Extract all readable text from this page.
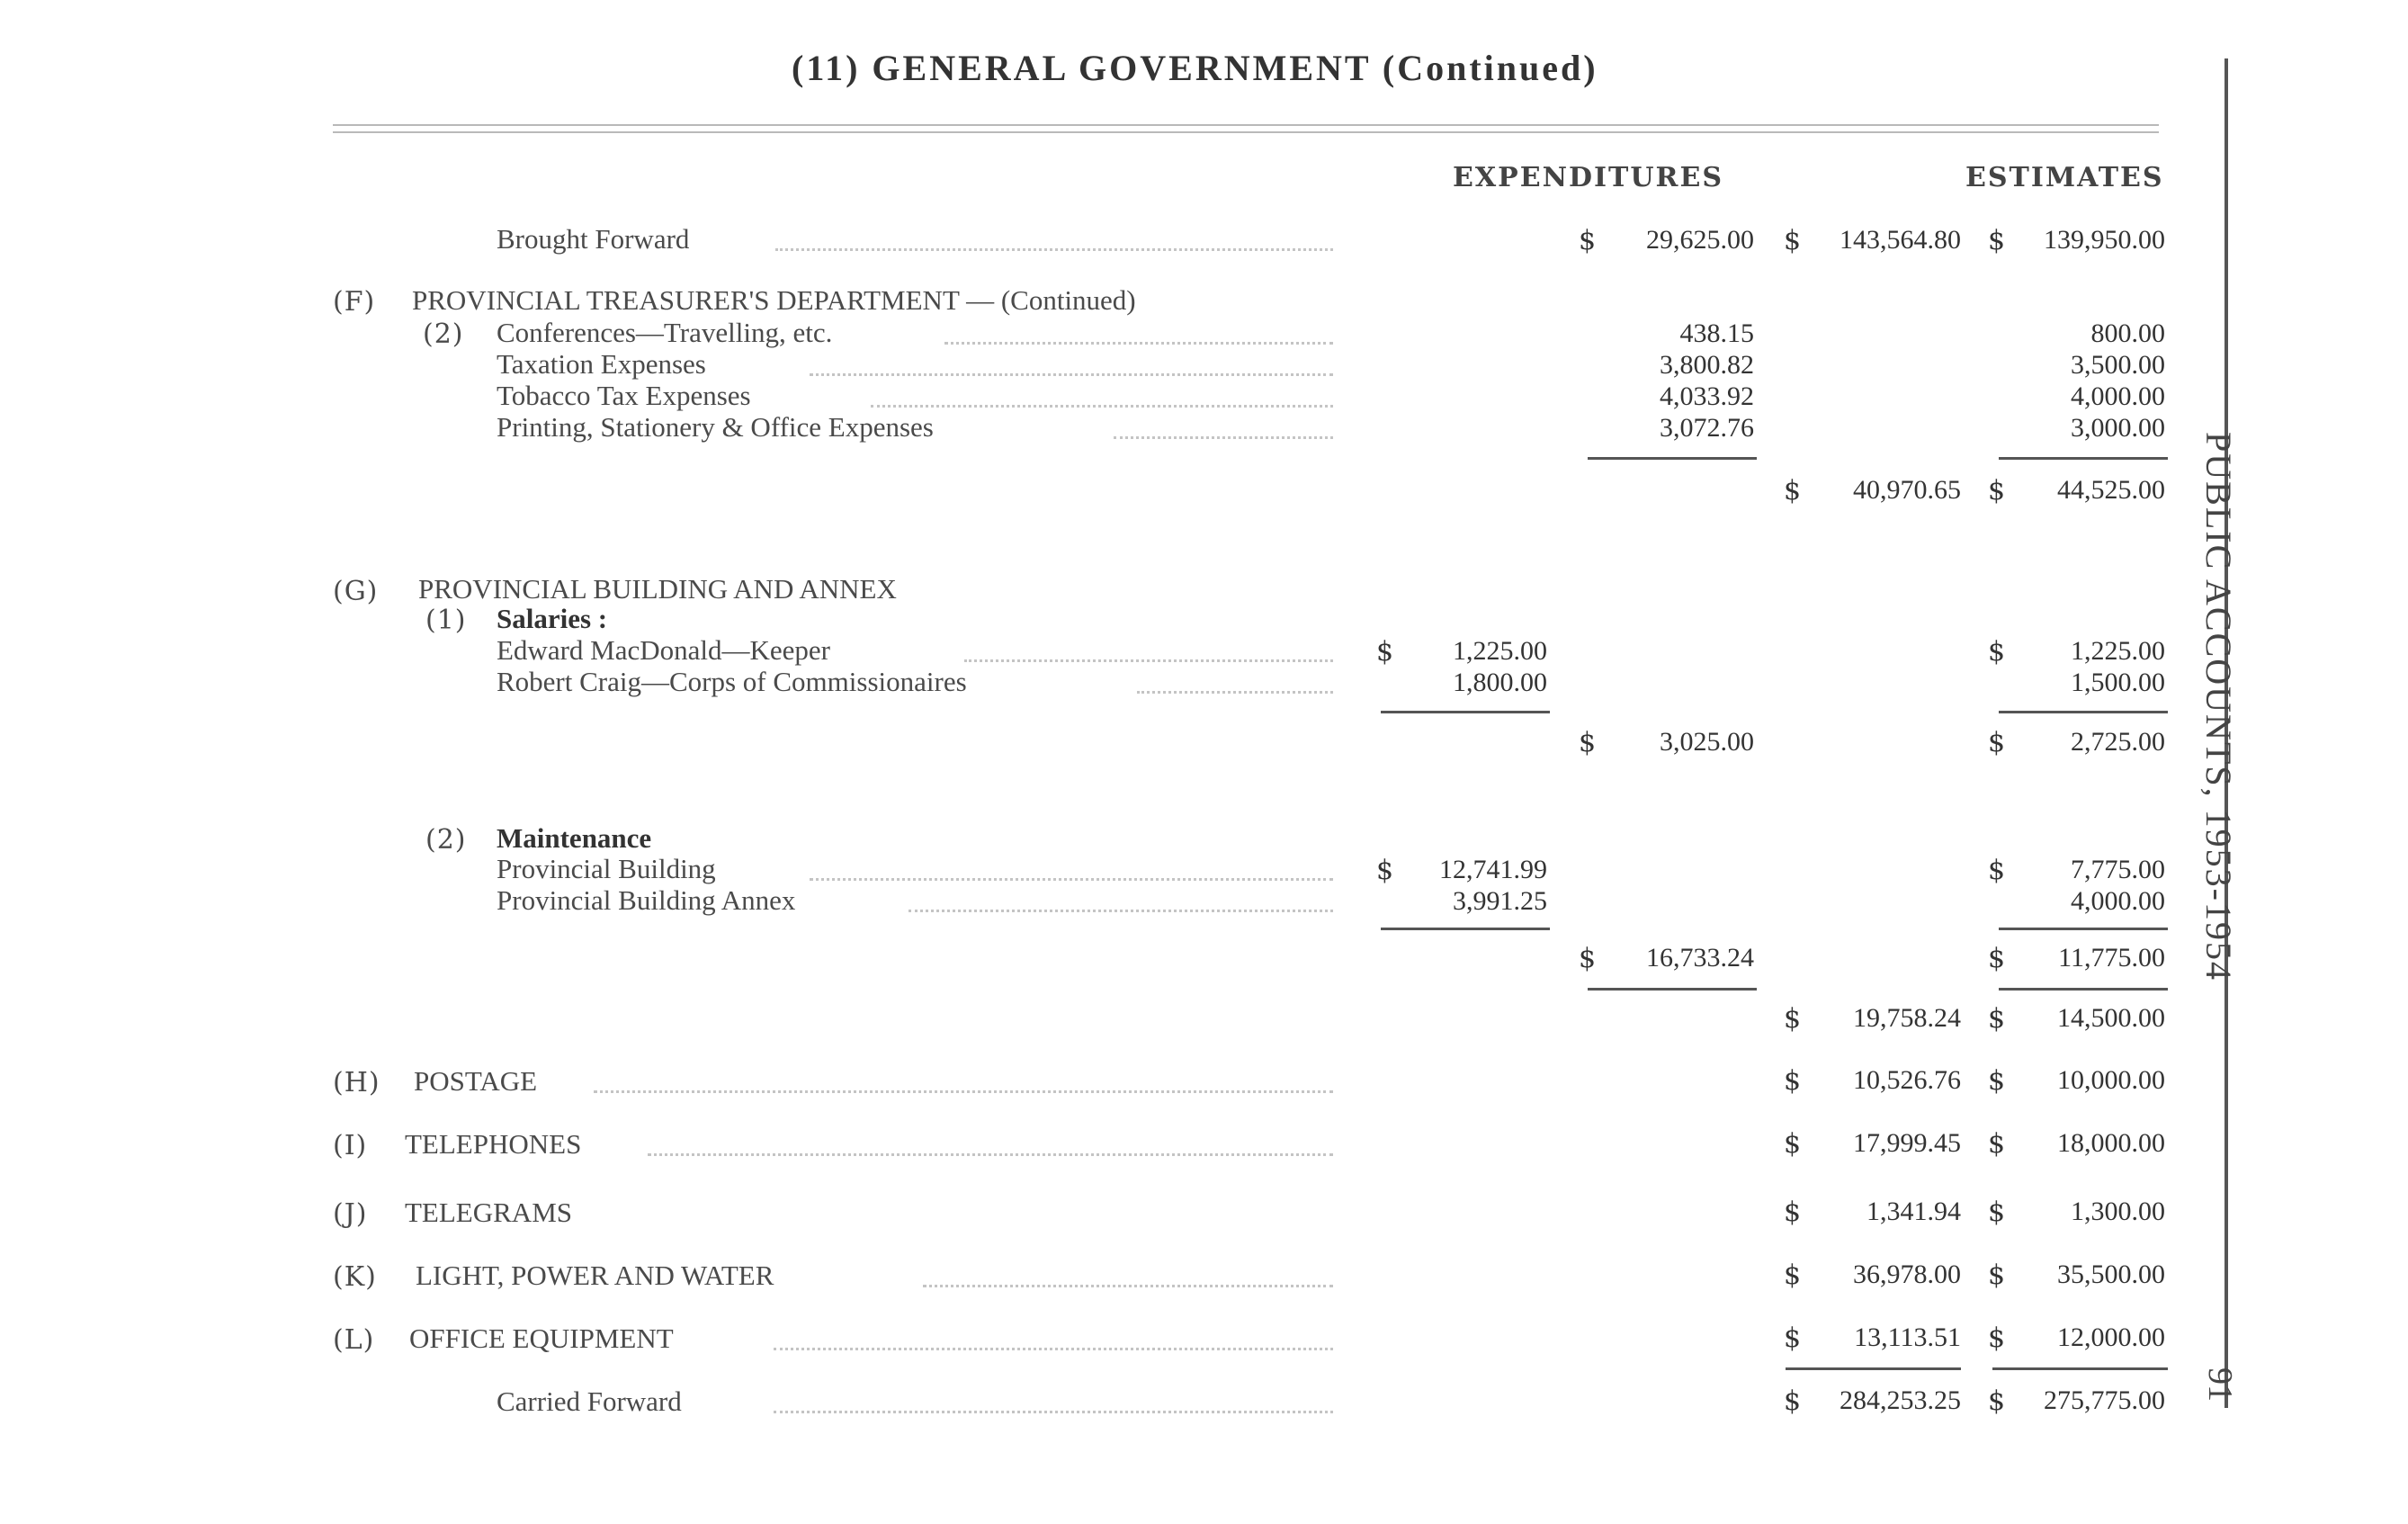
(11) GENERAL GOVERNMENT (Continued)
EXPENDITURES	ESTIMATES
PUBLIC ACCOUNTS, 1953-1954
91
Brought Forward	$	29,625.00 $	143,564.80 $	139,950.00
(F) PROVINCIAL TREASURER'S DEPARTMENT — (Continued)
(2) Conferences—Travelling, etc.	438.15	800.00
Taxation Expenses	3,800.82	3,500.00
Tobacco Tax Expenses	4,033.92	4,000.00
Printing, Stationery & Office Expenses	3,072.76	3,000.00
$	40,970.65 $	44,525.00
(G) PROVINCIAL BUILDING AND ANNEX
(1) Salaries :
Edward MacDonald—Keeper	$	1,225.00	$	1,225.00
Robert Craig—Corps of Commissionaires	1,800.00	1,500.00
$	3,025.00	$	2,725.00
(2) Maintenance
Provincial Building	$	12,741.99	$	7,775.00
Provincial Building Annex	3,991.25	4,000.00
$	16,733.24	$	11,775.00
$	19,758.24 $	14,500.00
(H) POSTAGE	$	10,526.76 $	10,000.00
(I) TELEPHONES	$	17,999.45 $	18,000.00
(J) TELEGRAMS	$	1,341.94 $	1,300.00
(K) LIGHT, POWER AND WATER	$	36,978.00 $	35,500.00
(L) OFFICE EQUIPMENT	$	13,113.51 $	12,000.00
Carried Forward	$	284,253.25 $	275,775.00
